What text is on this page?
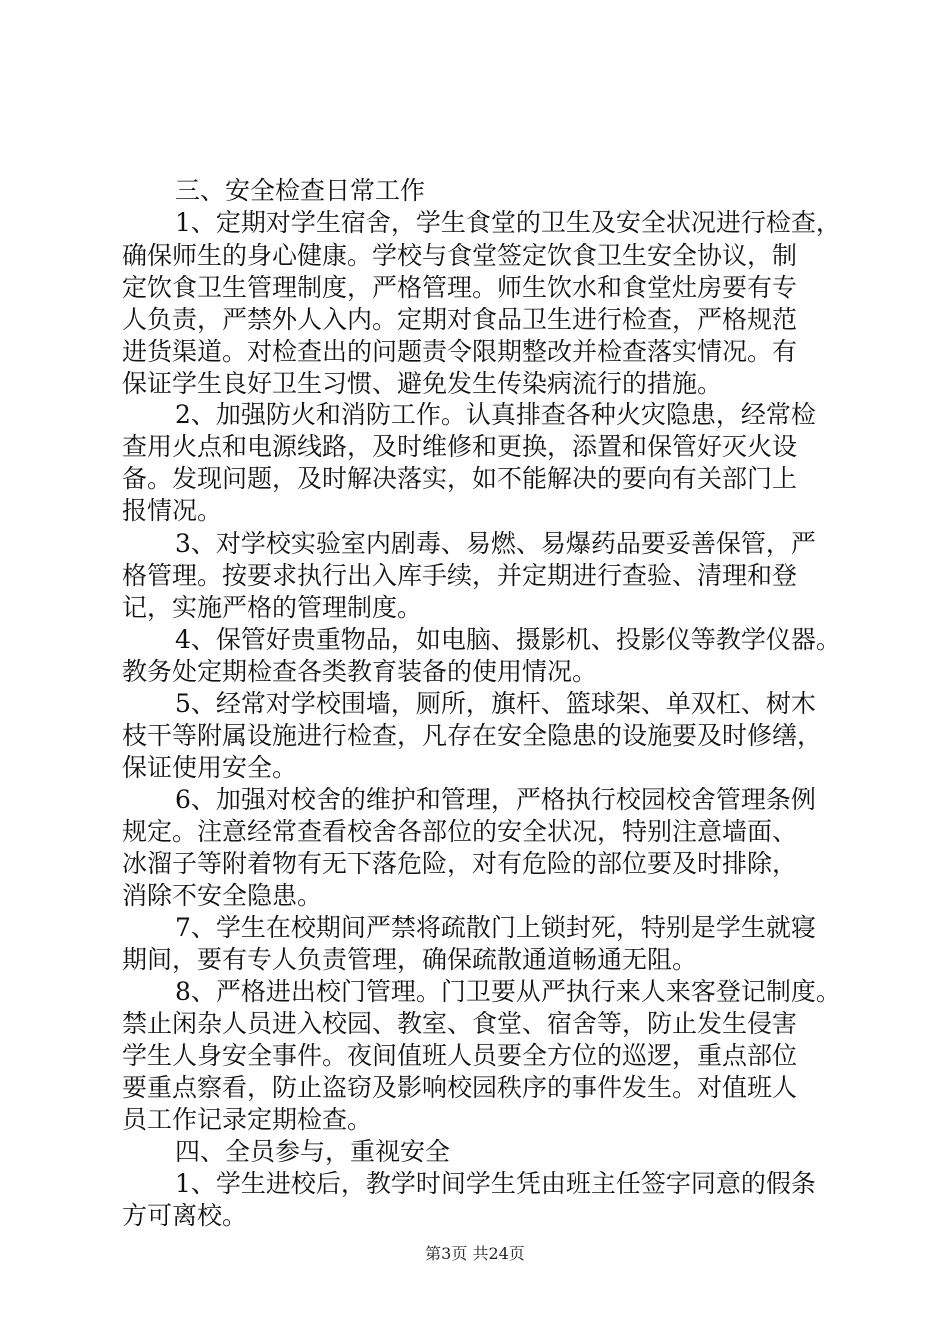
三、安全检查日常工作
1、定期对学生宿舍，学生食堂的卫生及安全状况进行检查，
确保师生的身心健康。学校与食堂签定饮食卫生安全协议，制
定饮食卫生管理制度，严格管理。师生饮水和食堂灶房要有专
人负责，严禁外人入内。定期对食品卫生进行检查，严格规范
进货渠道。对检查出的问题责令限期整改并检查落实情况。有
保证学生良好卫生习惯、避免发生传染病流行的措施。
2、加强防火和消防工作。认真排查各种火灾隐患，经常检
查用火点和电源线路，及时维修和更换，添置和保管好灭火设
备。发现问题，及时解决落实，如不能解决的要向有关部门上
报情况。
3、对学校实验室内剧毒、易燃、易爆药品要妥善保管，严
格管理。按要求执行出入库手续，并定期进行查验、清理和登
记，实施严格的管理制度。
4、保管好贵重物品，如电脑、摄影机、投影仪等教学仪器。
教务处定期检查各类教育装备的使用情况。
5、经常对学校围墙，厕所，旗杆、篮球架、单双杠、树木
枝干等附属设施进行检查，凡存在安全隐患的设施要及时修缮，
保证使用安全。
6、加强对校舍的维护和管理，严格执行校园校舍管理条例
规定。注意经常查看校舍各部位的安全状况，特别注意墙面、
冰溜子等附着物有无下落危险，对有危险的部位要及时排除，
消除不安全隐患。
7、学生在校期间严禁将疏散门上锁封死，特别是学生就寝
期间，要有专人负责管理，确保疏散通道畅通无阻。
8、严格进出校门管理。门卫要从严执行来人来客登记制度。
禁止闲杂人员进入校园、教室、食堂、宿舍等，防止发生侵害
学生人身安全事件。夜间值班人员要全方位的巡逻，重点部位
要重点察看，防止盗窃及影响校园秩序的事件发生。对值班人
员工作记录定期检查。
四、全员参与，重视安全
1、学生进校后，教学时间学生凭由班主任签字同意的假条
方可离校。
第3页 共24页
